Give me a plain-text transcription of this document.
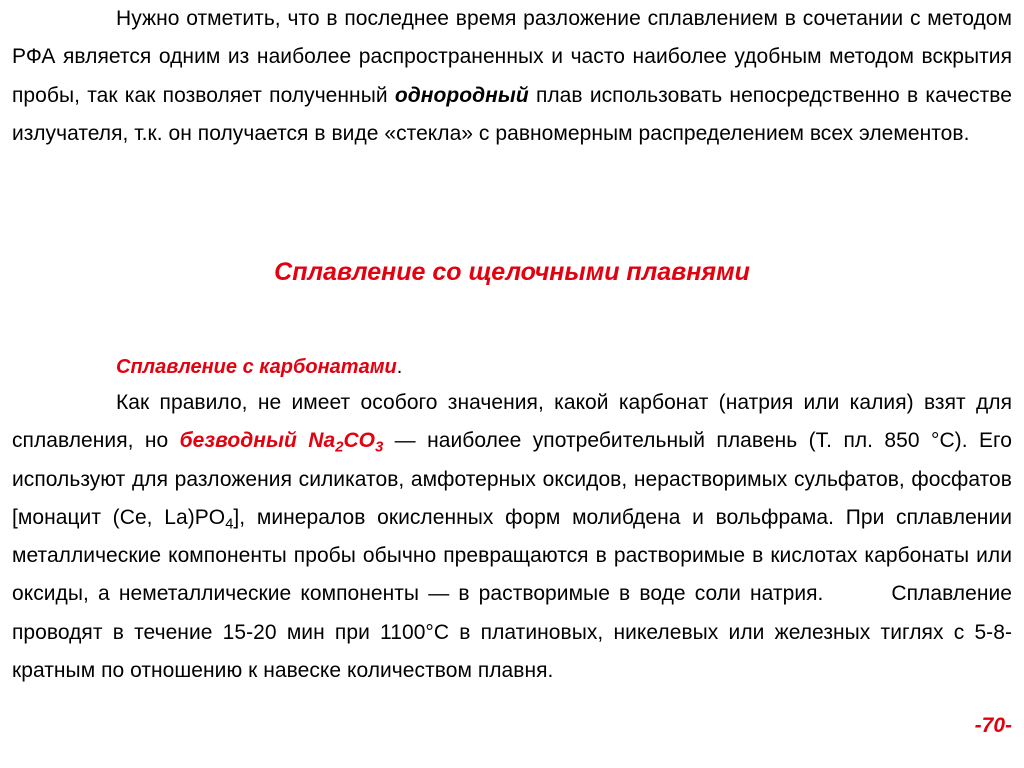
Нужно отметить, что в последнее время разложение сплавлением в сочетании с методом РФА является одним из наиболее распространенных и часто наиболее удобным методом вскрытия пробы, так как позволяет полученный однородный плав использовать непосредственно в качестве излучателя, т.к. он получается в виде «стекла» с равномерным распределением всех элементов.
Сплавление со щелочными плавнями
Сплавление с карбонатами.
Как правило, не имеет особого значения, какой карбонат (натрия или калия) взят для сплавления, но безводный $Na_2CO_3$ — наиболее употребительный плавень (Т. пл. 850 °С). Его используют для разложения силикатов, амфотерных оксидов, нерастворимых сульфатов, фосфатов [монацит (Ce, $La)PO_4$], минералов окисленных форм молибдена и вольфрама. При сплавлении металлические компоненты пробы обычно превращаются в растворимые в кислотах карбонаты или оксиды, а неметаллические компоненты — в растворимые в воде соли натрия.	Сплавление проводят в течение 15-20 мин при 1100°С в платиновых, никелевых или железных тиглях с 5-8-кратным по отношению к навеске количеством плавня.
-70-
